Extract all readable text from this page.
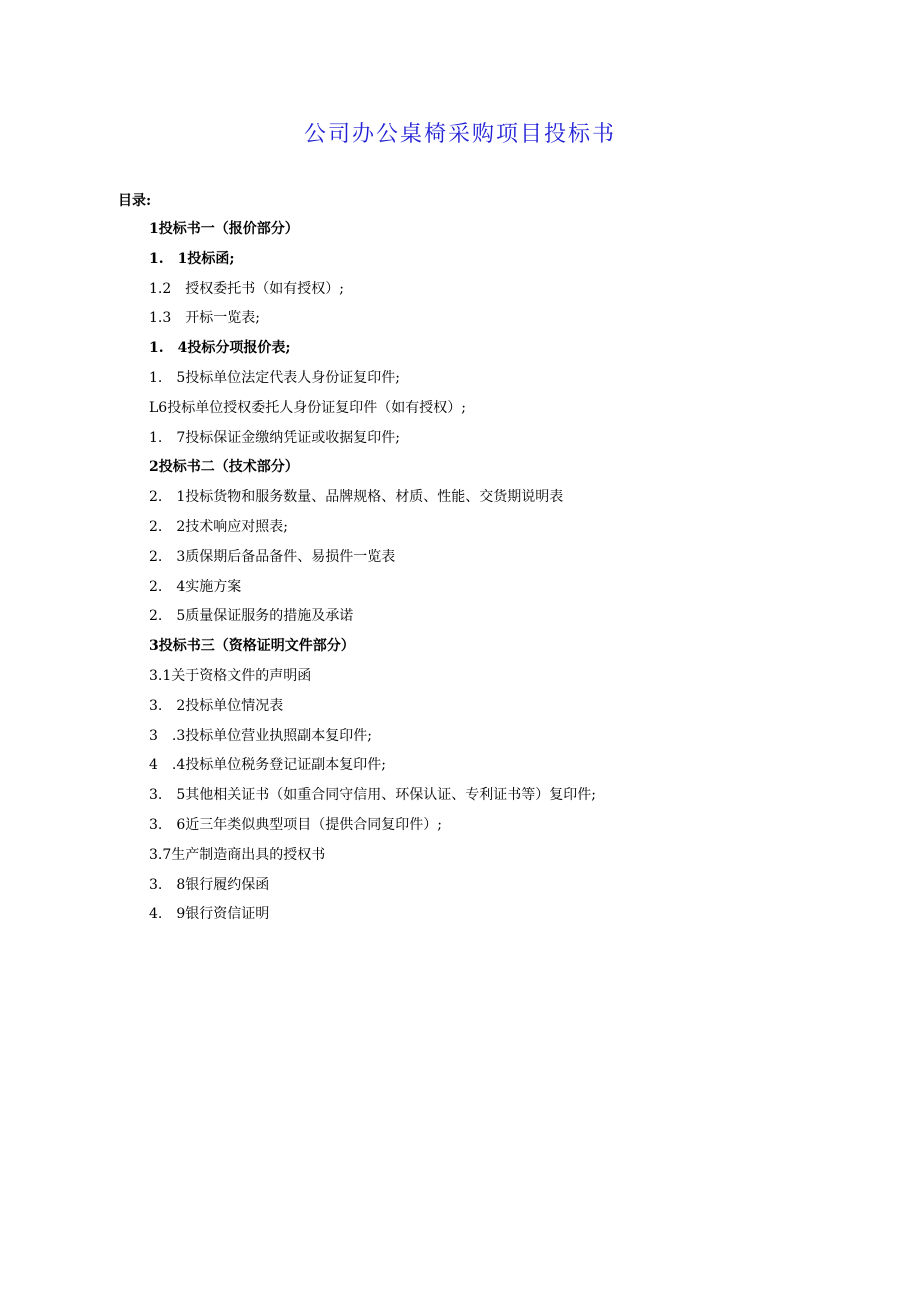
公司办公桌椅采购项目投标书
目录:
1投标书一（报价部分）
1.　1投标函;
1.2　授权委托书（如有授权）;
1.3　开标一览表;
1.　4投标分项报价表;
1.　5投标单位法定代表人身份证复印件;
L6投标单位授权委托人身份证复印件（如有授权）;
1.　7投标保证金缴纳凭证或收据复印件;
2投标书二（技术部分）
2.　1投标货物和服务数量、品牌规格、材质、性能、交货期说明表
2.　2技术响应对照表;
2.　3质保期后备品备件、易损件一览表
2.　4实施方案
2.　5质量保证服务的措施及承诺
3投标书三（资格证明文件部分）
3.1关于资格文件的声明函
3.　2投标单位情况表
3　.3投标单位营业执照副本复印件;
4　.4投标单位税务登记证副本复印件;
3.　5其他相关证书（如重合同守信用、环保认证、专利证书等）复印件;
3.　6近三年类似典型项目（提供合同复印件）;
3.7生产制造商出具的授权书
3.　8银行履约保函
4.　9银行资信证明
